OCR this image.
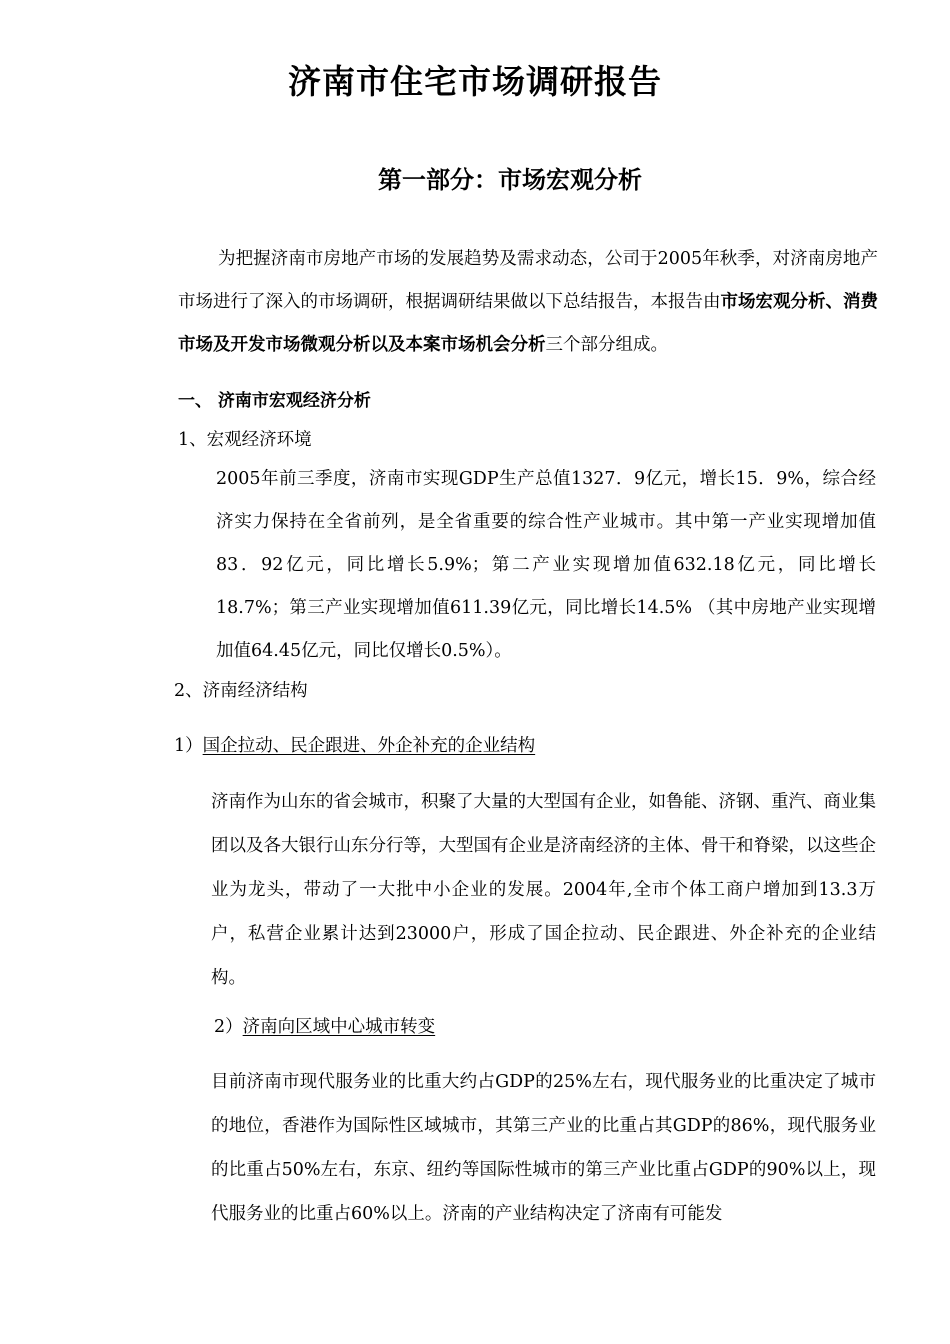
济南市住宅市场调研报告
第一部分：市场宏观分析

为把握济南市房地产市场的发展趋势及需求动态，公司于2005年秋季，对济南房地产市场进行了深入的市场调研，根据调研结果做以下总结报告，本报告由市场宏观分析、消费市场及开发市场微观分析以及本案市场机会分析三个部分组成。

一、 济南市宏观经济分析
1、宏观经济环境

2005年前三季度，济南市实现GDP生产总值1327．9亿元，增长15．9%，综合经济实力保持在全省前列，是全省重要的综合性产业城市。其中第一产业实现增加值83．92亿元，同比增长5.9%；第二产业实现增加值632.18亿元，同比增长18.7%；第三产业实现增加值611.39亿元，同比增长14.5% （其中房地产业实现增加值64.45亿元，同比仅增长0.5%）。

2、济南经济结构
1）国企拉动、民企跟进、外企补充的企业结构

济南作为山东的省会城市，积聚了大量的大型国有企业，如鲁能、济钢、重汽、商业集团以及各大银行山东分行等，大型国有企业是济南经济的主体、骨干和脊梁，以这些企业为龙头，带动了一大批中小企业的发展。2004年,全市个体工商户增加到13.3万户，私营企业累计达到23000户，形成了国企拉动、民企跟进、外企补充的企业结构。

2）济南向区域中心城市转变

目前济南市现代服务业的比重大约占GDP的25%左右，现代服务业的比重决定了城市的地位，香港作为国际性区域城市，其第三产业的比重占其GDP的86%，现代服务业的比重占50%左右，东京、纽约等国际性城市的第三产业比重占GDP的90%以上，现代服务业的比重占60%以上。济南的产业结构决定了济南有可能发
